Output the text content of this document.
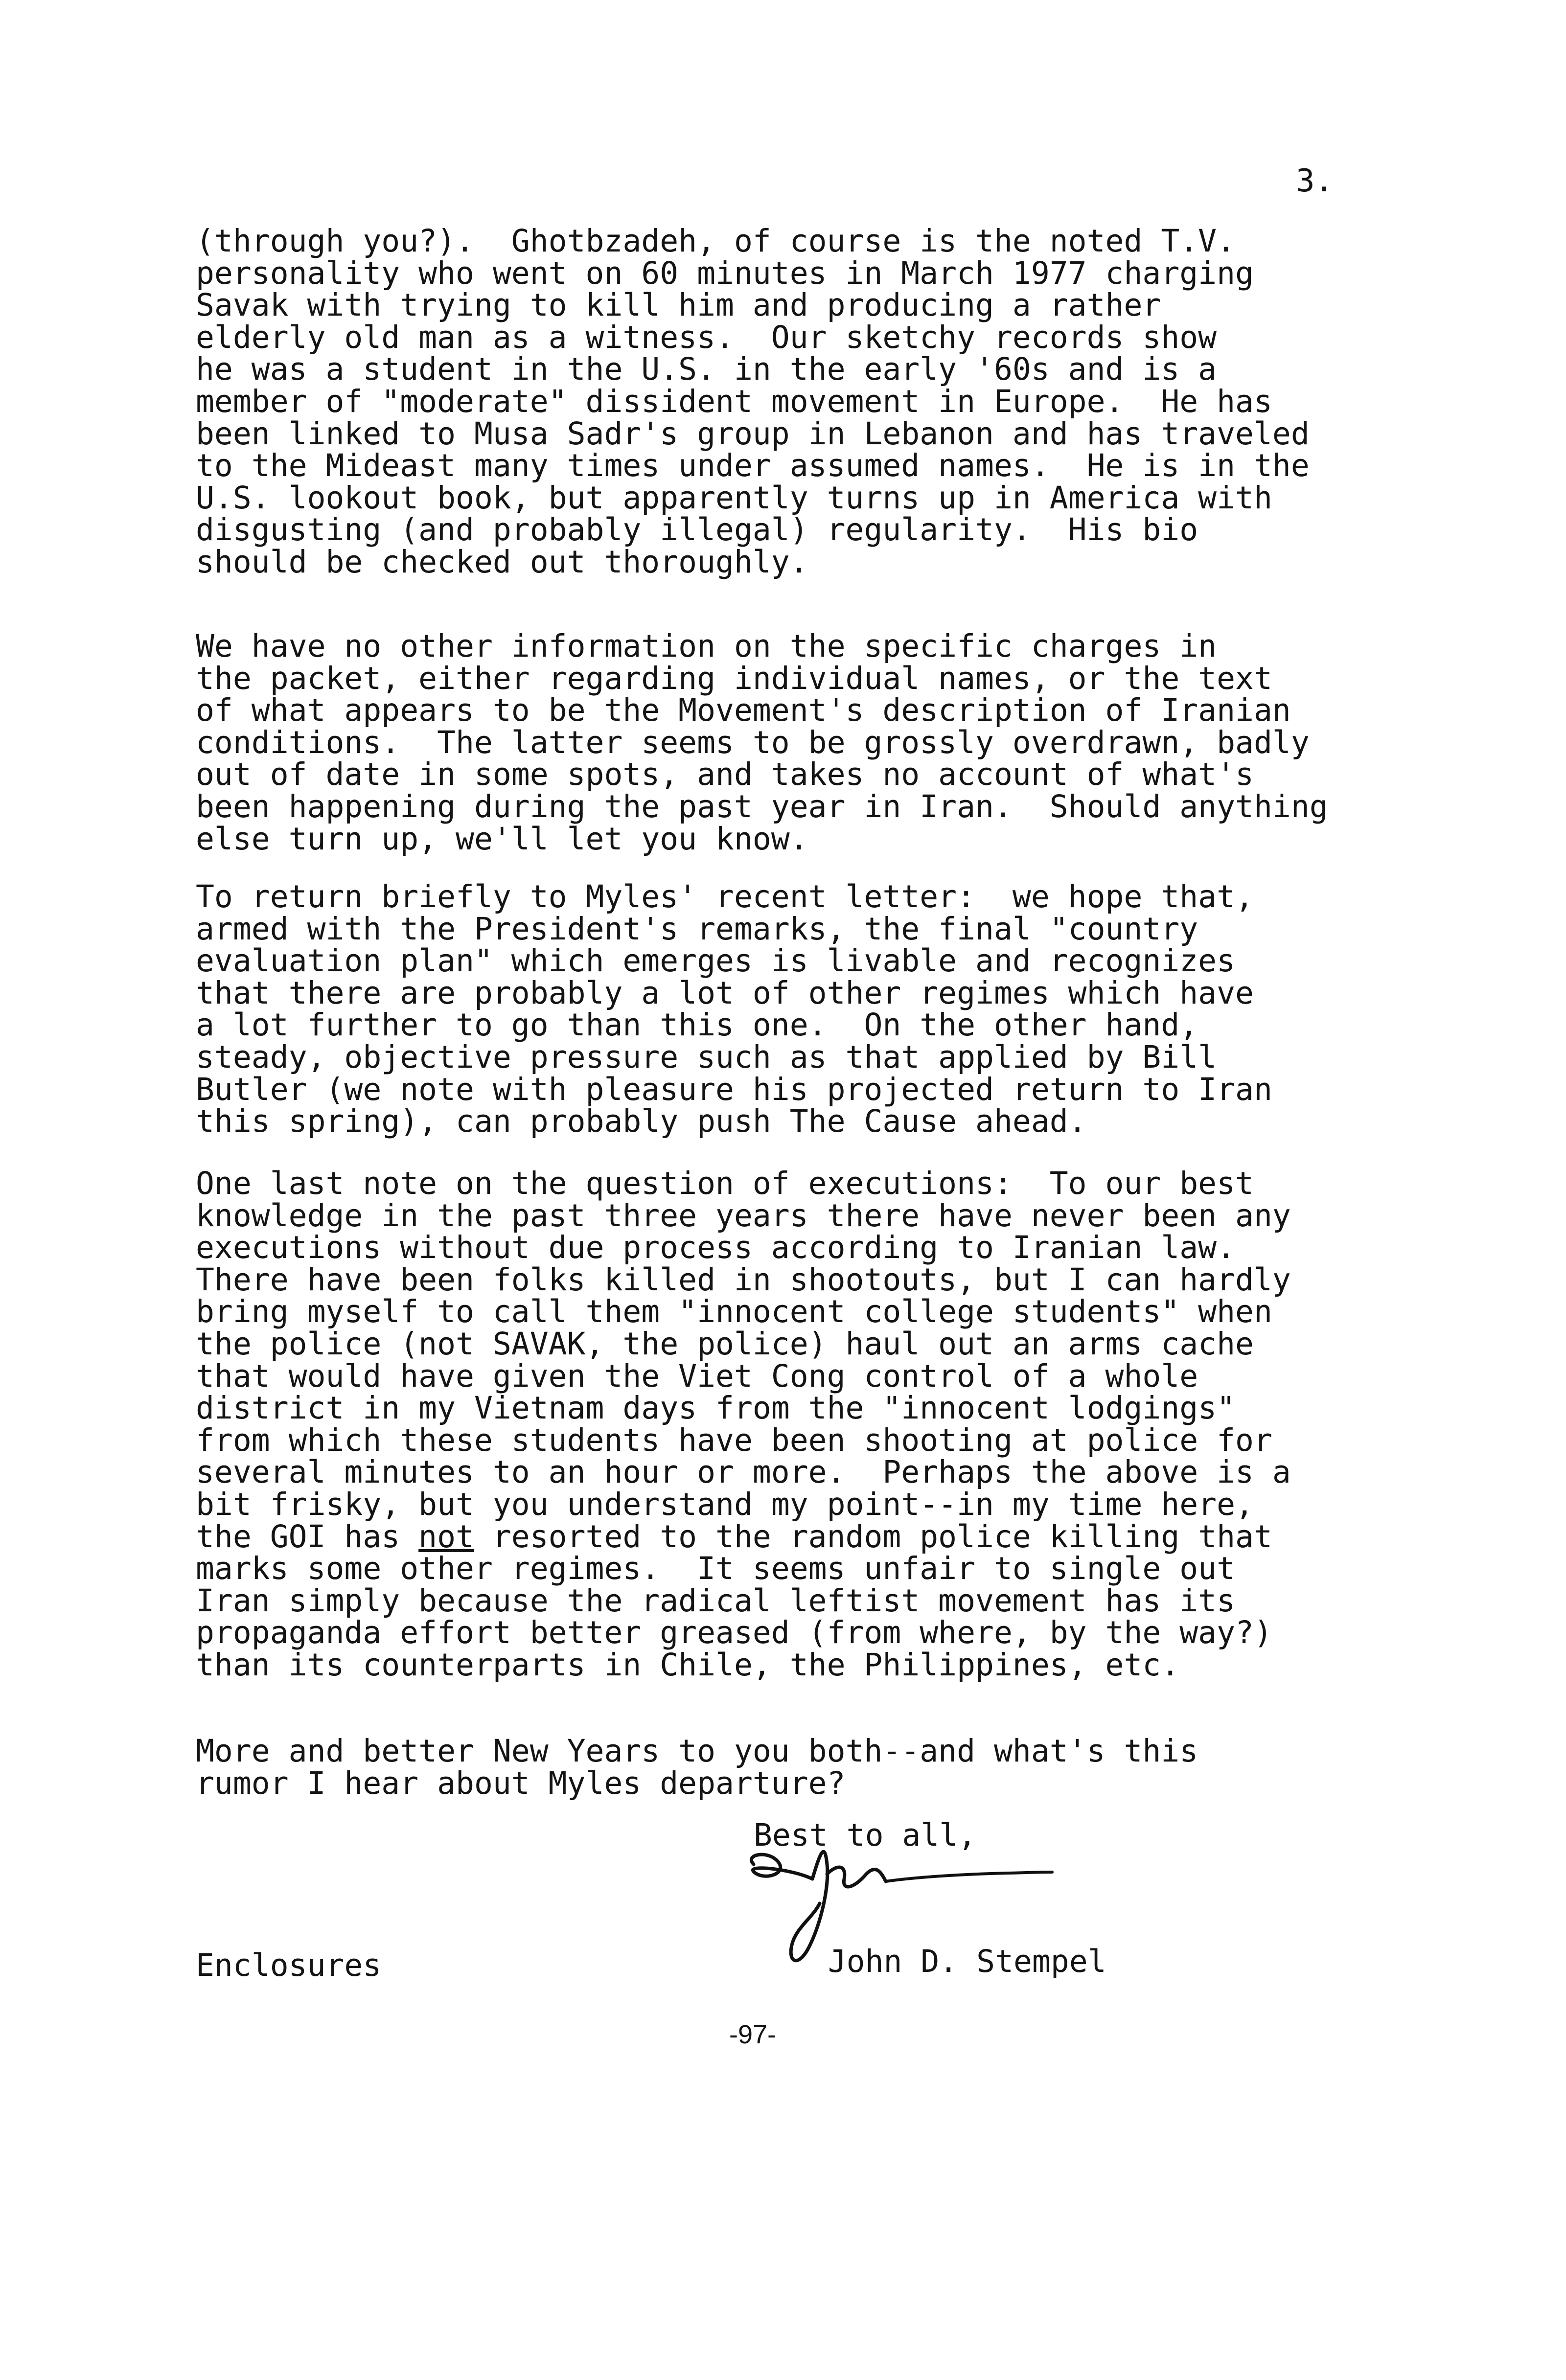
3.

(through you?).  Ghotbzadeh, of course is the noted T.V.

personality who went on 60 minutes in March 1977 charging

Savak with trying to kill him and producing a rather

elderly old man as a witness.  Our sketchy records show

he was a student in the U.S. in the early '60s and is a

member of "moderate" dissident movement in Europe.  He has

been linked to Musa Sadr's group in Lebanon and has traveled

to the Mideast many times under assumed names.  He is in the

U.S. lookout book, but apparently turns up in America with

disgusting (and probably illegal) regularity.  His bio

should be checked out thoroughly.

We have no other information on the specific charges in

the packet, either regarding individual names, or the text

of what appears to be the Movement's description of Iranian

conditions.  The latter seems to be grossly overdrawn, badly

out of date in some spots, and takes no account of what's

been happening during the past year in Iran.  Should anything

else turn up, we'll let you know.

To return briefly to Myles' recent letter:  we hope that,

armed with the President's remarks, the final "country

evaluation plan" which emerges is livable and recognizes

that there are probably a lot of other regimes which have

a lot further to go than this one.  On the other hand,

steady, objective pressure such as that applied by Bill

Butler (we note with pleasure his projected return to Iran

this spring), can probably push The Cause ahead.

One last note on the question of executions:  To our best

knowledge in the past three years there have never been any

executions without due process according to Iranian law.

There have been folks killed in shootouts, but I can hardly

bring myself to call them "innocent college students" when

the police (not SAVAK, the police) haul out an arms cache

that would have given the Viet Cong control of a whole

district in my Vietnam days from the "innocent lodgings"

from which these students have been shooting at police for

several minutes to an hour or more.  Perhaps the above is a

bit frisky, but you understand my point--in my time here,

the GOI has not resorted to the random police killing that

marks some other regimes.  It seems unfair to single out

Iran simply because the radical leftist movement has its

propaganda effort better greased (from where, by the way?)

than its counterparts in Chile, the Philippines, etc.

More and better New Years to you both--and what's this

rumor I hear about Myles departure?

Best to all,

John D. Stempel

Enclosures

-97-
